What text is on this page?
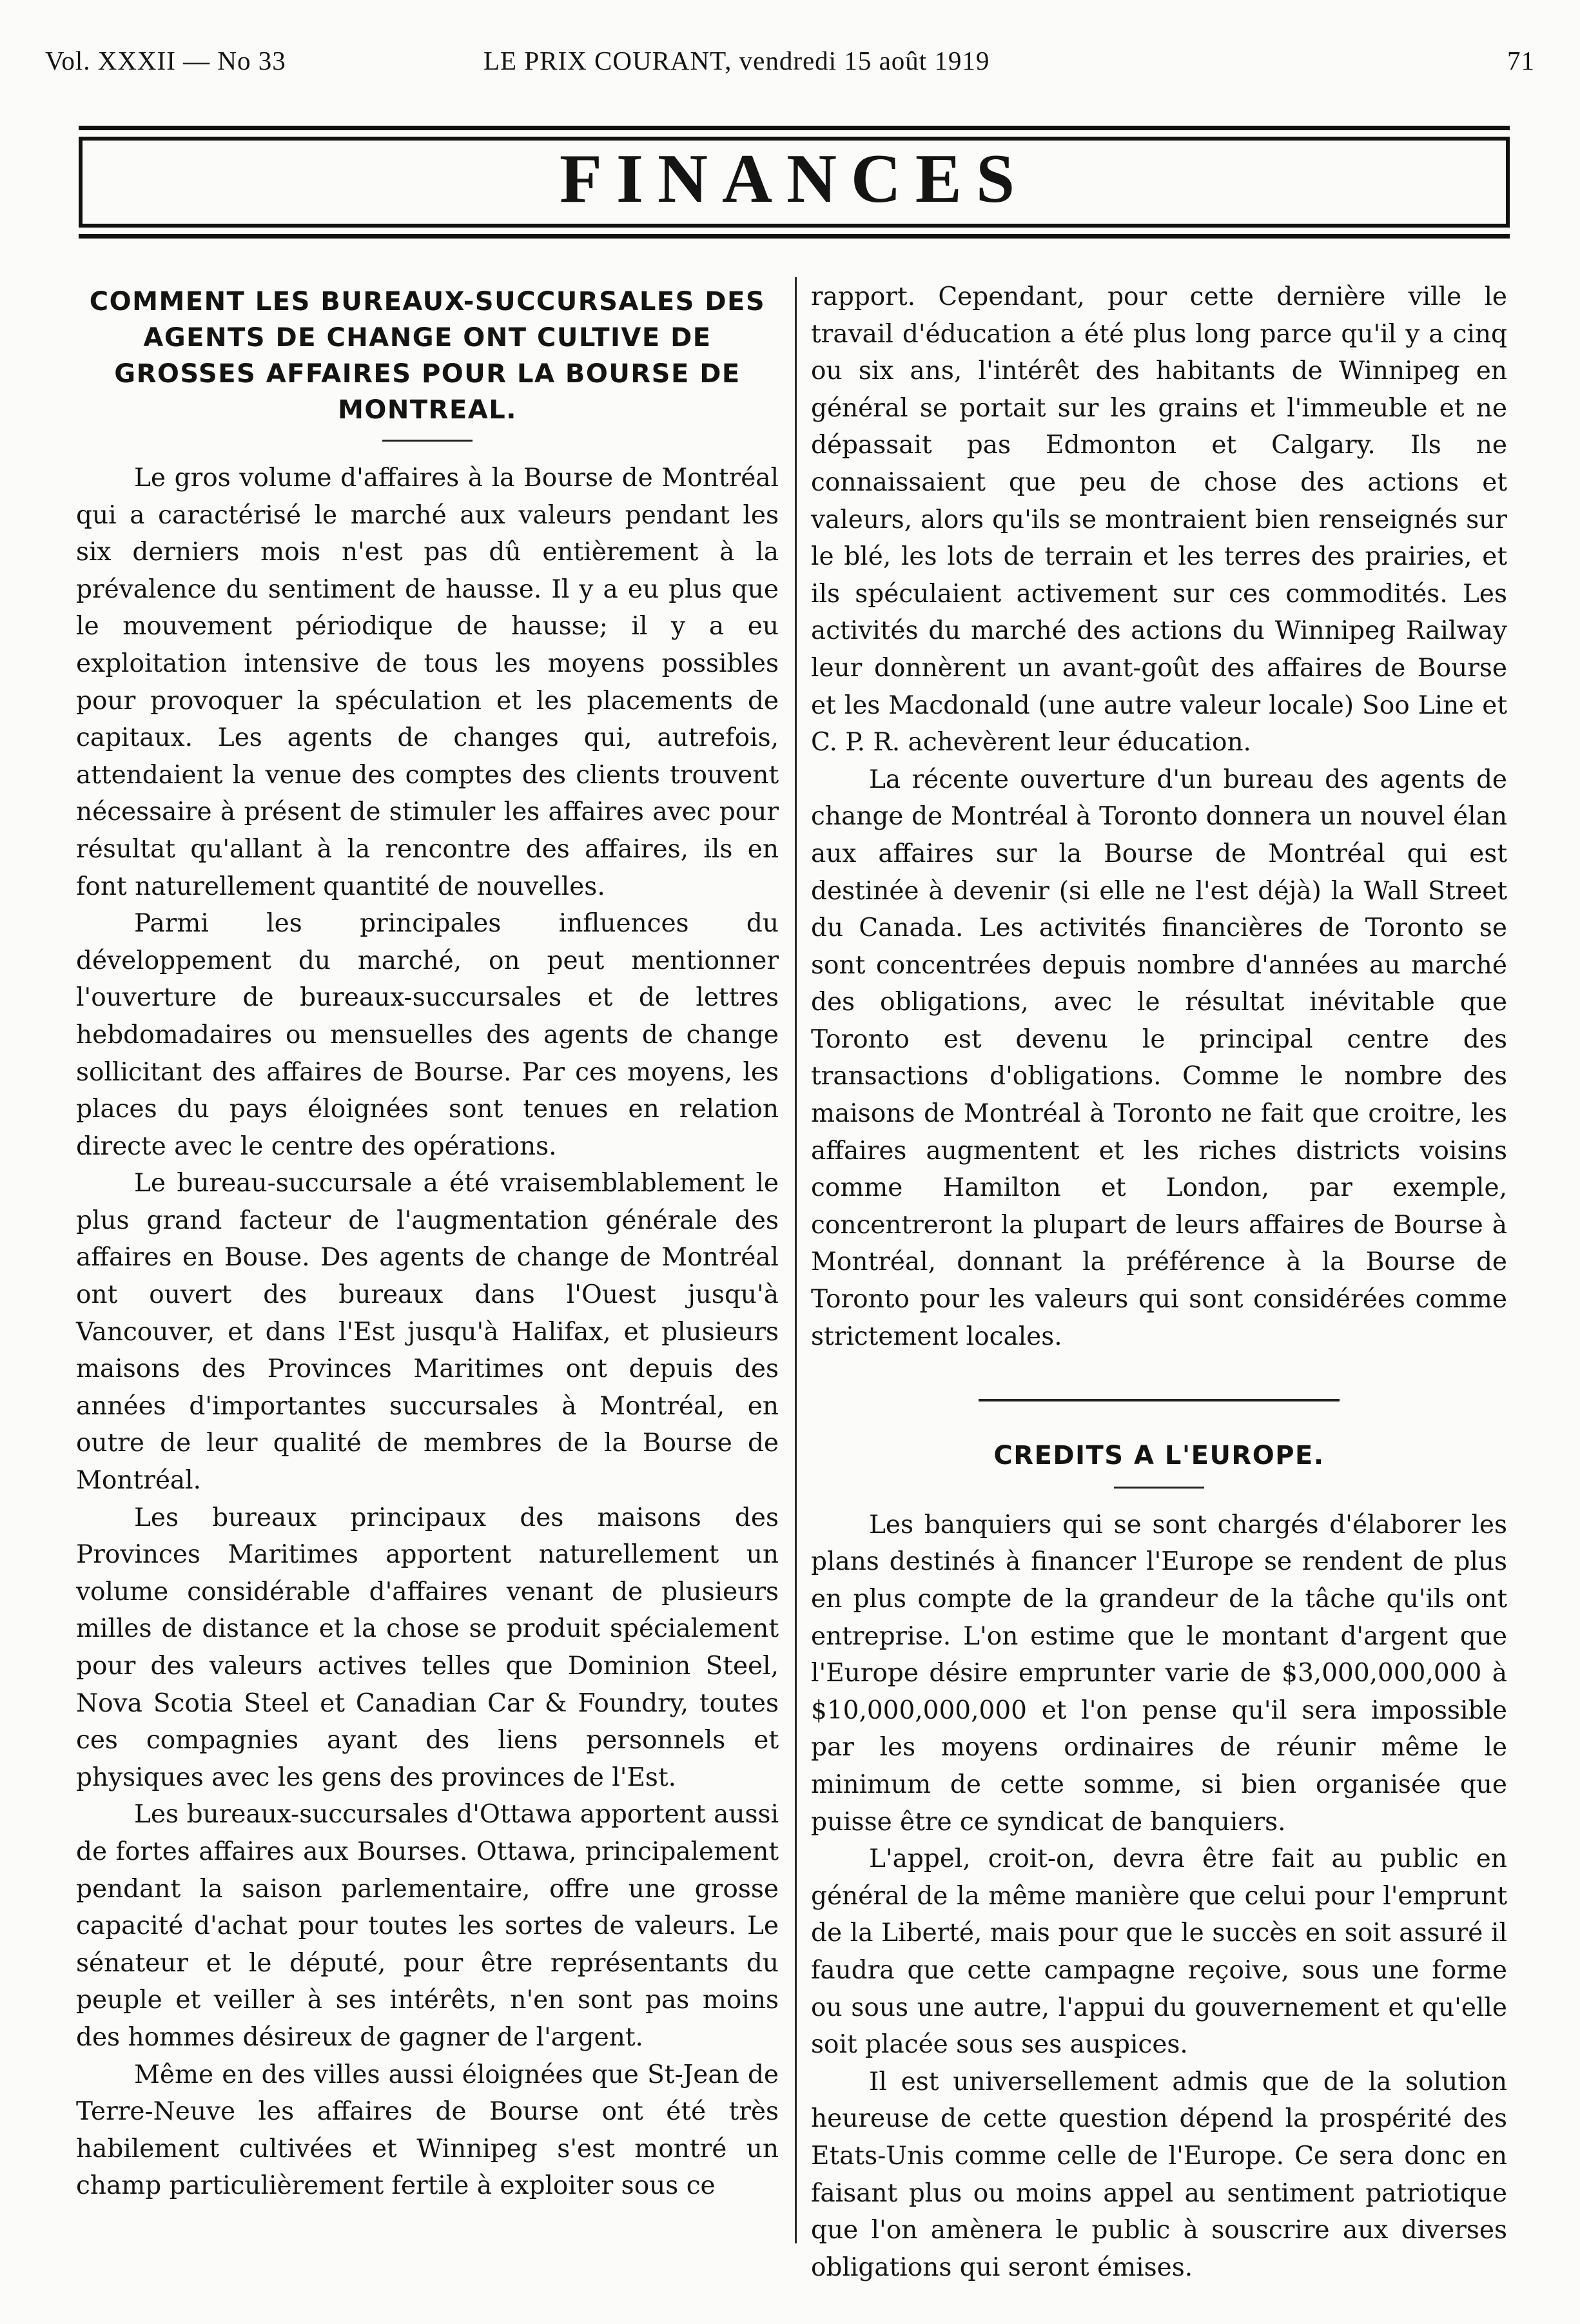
Vol. XXXII — No 33	LE PRIX COURANT, vendredi 15 août 1919	71
FINANCES
COMMENT LES BUREAUX-SUCCURSALES DES AGENTS DE CHANGE ONT CULTIVE DE GROSSES AFFAIRES POUR LA BOURSE DE MONTREAL.

Le gros volume d'affaires à la Bourse de Montréal qui a caractérisé le marché aux valeurs pendant les six derniers mois n'est pas dû entièrement à la prévalence du sentiment de hausse. Il y a eu plus que le mouvement périodique de hausse; il y a eu exploitation intensive de tous les moyens possibles pour provoquer la spéculation et les placements de capitaux. Les agents de changes qui, autrefois, attendaient la venue des comptes des clients trouvent nécessaire à présent de stimuler les affaires avec pour résultat qu'allant à la rencontre des affaires, ils en font naturellement quantité de nouvelles.

Parmi les principales influences du développement du marché, on peut mentionner l'ouverture de bureaux-succursales et de lettres hebdomadaires ou mensuelles des agents de change sollicitant des affaires de Bourse. Par ces moyens, les places du pays éloignées sont tenues en relation directe avec le centre des opérations.

Le bureau-succursale a été vraisemblablement le plus grand facteur de l'augmentation générale des affaires en Bouse. Des agents de change de Montréal ont ouvert des bureaux dans l'Ouest jusqu'à Vancouver, et dans l'Est jusqu'à Halifax, et plusieurs maisons des Provinces Maritimes ont depuis des années d'importantes succursales à Montréal, en outre de leur qualité de membres de la Bourse de Montréal.

Les bureaux principaux des maisons des Provinces Maritimes apportent naturellement un volume considérable d'affaires venant de plusieurs milles de distance et la chose se produit spécialement pour des valeurs actives telles que Dominion Steel, Nova Scotia Steel et Canadian Car & Foundry, toutes ces compagnies ayant des liens personnels et physiques avec les gens des provinces de l'Est.

Les bureaux-succursales d'Ottawa apportent aussi de fortes affaires aux Bourses. Ottawa, principalement pendant la saison parlementaire, offre une grosse capacité d'achat pour toutes les sortes de valeurs. Le sénateur et le député, pour être représentants du peuple et veiller à ses intérêts, n'en sont pas moins des hommes désireux de gagner de l'argent.

Même en des villes aussi éloignées que St-Jean de Terre-Neuve les affaires de Bourse ont été très habilement cultivées et Winnipeg s'est montré un champ particulièrement fertile à exploiter sous ce

rapport. Cependant, pour cette dernière ville le travail d'éducation a été plus long parce qu'il y a cinq ou six ans, l'intérêt des habitants de Winnipeg en général se portait sur les grains et l'immeuble et ne dépassait pas Edmonton et Calgary. Ils ne connaissaient que peu de chose des actions et valeurs, alors qu'ils se montraient bien renseignés sur le blé, les lots de terrain et les terres des prairies, et ils spéculaient activement sur ces commodités. Les activités du marché des actions du Winnipeg Railway leur donnèrent un avant-goût des affaires de Bourse et les Macdonald (une autre valeur locale) Soo Line et C. P. R. achevèrent leur éducation.

La récente ouverture d'un bureau des agents de change de Montréal à Toronto donnera un nouvel élan aux affaires sur la Bourse de Montréal qui est destinée à devenir (si elle ne l'est déjà) la Wall Street du Canada. Les activités financières de Toronto se sont concentrées depuis nombre d'années au marché des obligations, avec le résultat inévitable que Toronto est devenu le principal centre des transactions d'obligations. Comme le nombre des maisons de Montréal à Toronto ne fait que croitre, les affaires augmentent et les riches districts voisins comme Hamilton et London, par exemple, concentreront la plupart de leurs affaires de Bourse à Montréal, donnant la préférence à la Bourse de Toronto pour les valeurs qui sont considérées comme strictement locales.

CREDITS A L'EUROPE.

Les banquiers qui se sont chargés d'élaborer les plans destinés à financer l'Europe se rendent de plus en plus compte de la grandeur de la tâche qu'ils ont entreprise. L'on estime que le montant d'argent que l'Europe désire emprunter varie de $3,000,000,000 à $10,000,000,000 et l'on pense qu'il sera impossible par les moyens ordinaires de réunir même le minimum de cette somme, si bien organisée que puisse être ce syndicat de banquiers.

L'appel, croit-on, devra être fait au public en général de la même manière que celui pour l'emprunt de la Liberté, mais pour que le succès en soit assuré il faudra que cette campagne reçoive, sous une forme ou sous une autre, l'appui du gouvernement et qu'elle soit placée sous ses auspices.

Il est universellement admis que de la solution heureuse de cette question dépend la prospérité des Etats-Unis comme celle de l'Europe. Ce sera donc en faisant plus ou moins appel au sentiment patriotique que l'on amènera le public à souscrire aux diverses obligations qui seront émises.
